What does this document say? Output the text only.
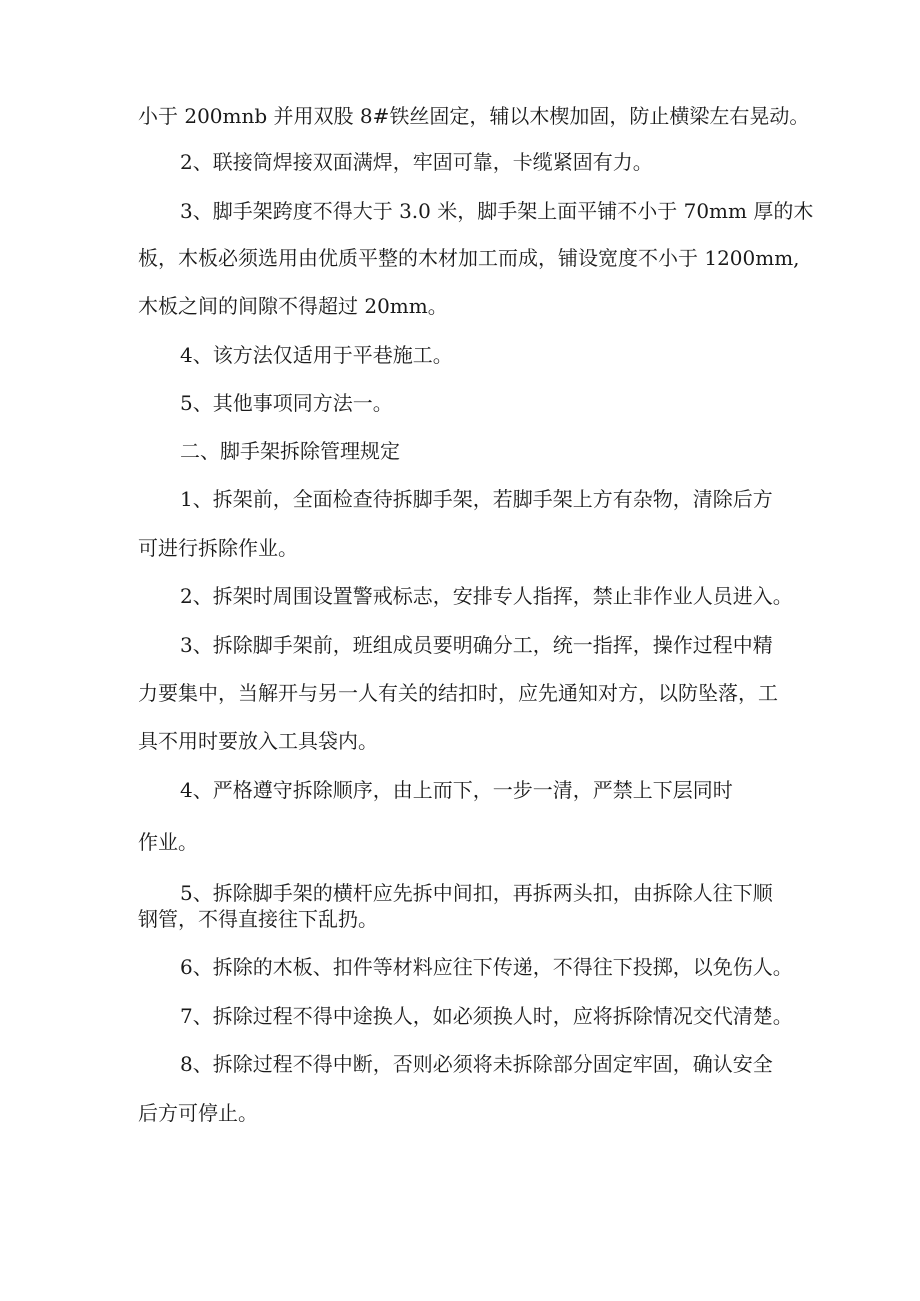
小于 200mnb 并用双股 8#铁丝固定，辅以木楔加固，防止横梁左右晃动。

2、联接筒焊接双面满焊，牢固可靠，卡缆紧固有力。

3、脚手架跨度不得大于 3.0 米，脚手架上面平铺不小于 70mm 厚的木

板，木板必须选用由优质平整的木材加工而成，铺设宽度不小于 1200mm,

木板之间的间隙不得超过 20mm。

4、该方法仅适用于平巷施工。

5、其他事项同方法一。

二、脚手架拆除管理规定

1、拆架前，全面检查待拆脚手架，若脚手架上方有杂物，清除后方

可进行拆除作业。

2、拆架时周围设置警戒标志，安排专人指挥，禁止非作业人员进入。

3、拆除脚手架前，班组成员要明确分工，统一指挥，操作过程中精

力要集中，当解开与另一人有关的结扣时，应先通知对方，以防坠落，工

具不用时要放入工具袋内。

4、严格遵守拆除顺序，由上而下，一步一清，严禁上下层同时

作业。

5、拆除脚手架的横杆应先拆中间扣，再拆两头扣，由拆除人往下顺

钢管，不得直接往下乱扔。

6、拆除的木板、扣件等材料应往下传递，不得往下投掷，以免伤人。

7、拆除过程不得中途换人，如必须换人时，应将拆除情况交代清楚。

8、拆除过程不得中断，否则必须将未拆除部分固定牢固，确认安全

后方可停止。
